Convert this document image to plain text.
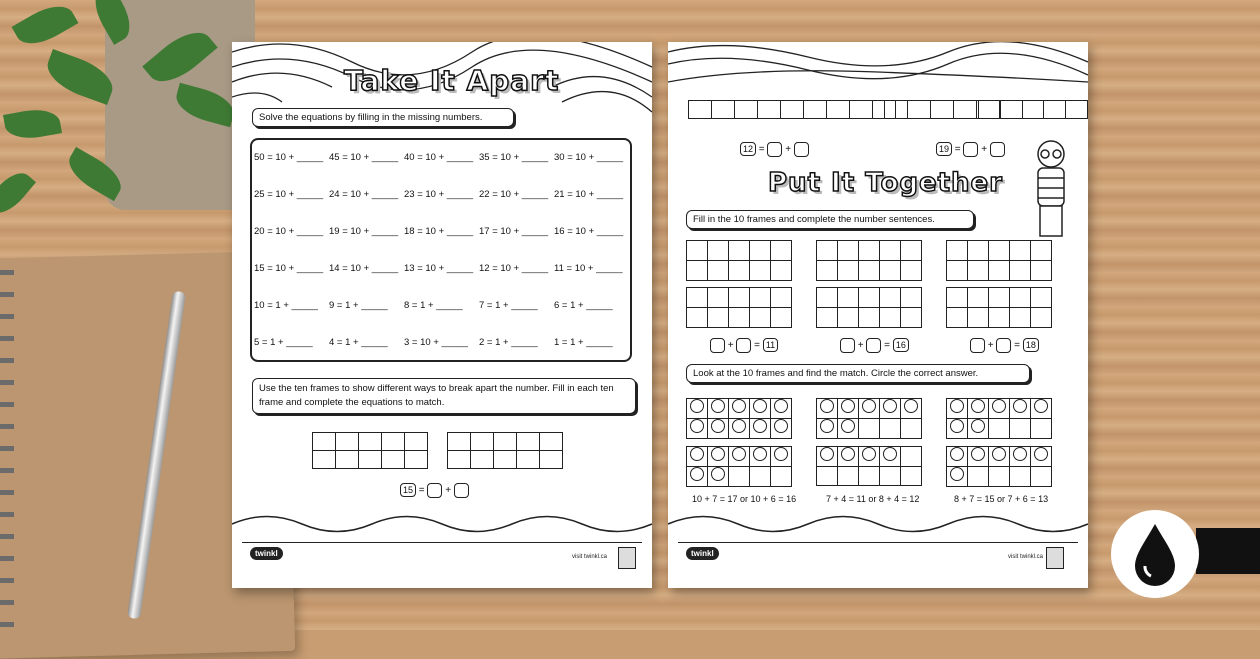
Take It Apart
Solve the equations by filling in the missing numbers.
50 = 10 + _____ 45 = 10 + _____ 40 = 10 + _____ 35 = 10 + _____ 30 = 10 + _____
25 = 10 + _____ 24 = 10 + _____ 23 = 10 + _____ 22 = 10 + _____ 21 = 10 + _____
20 = 10 + _____ 19 = 10 + _____ 18 = 10 + _____ 17 = 10 + _____ 16 = 10 + _____
15 = 10 + _____ 14 = 10 + _____ 13 = 10 + _____ 12 = 10 + _____ 11 = 10 + _____
10 = 1 + _____ 9 = 1 + _____ 8 = 1 + _____ 7 = 1 + _____ 6 = 1 + _____
5 = 1 + _____ 4 = 1 + _____ 3 = 10 + _____ 2 = 1 + _____ 1 = 1 + _____
Use the ten frames to show different ways to break apart the number. Fill in each ten frame and complete the equations to match.

15 =  +
twinkl	visit twinkl.ca

12 =  +	19 =  +
Put It Together
Fill in the 10 frames and complete the number sentences.

+  = 11	+  = 16	+  = 18
Look at the 10 frames and find the match. Circle the correct answer.

10 + 7 = 17 or 10 + 6 = 16	7 + 4 = 11 or 8 + 4 = 12	8 + 7 = 15 or 7 + 6 = 13
twinkl	visit twinkl.ca
